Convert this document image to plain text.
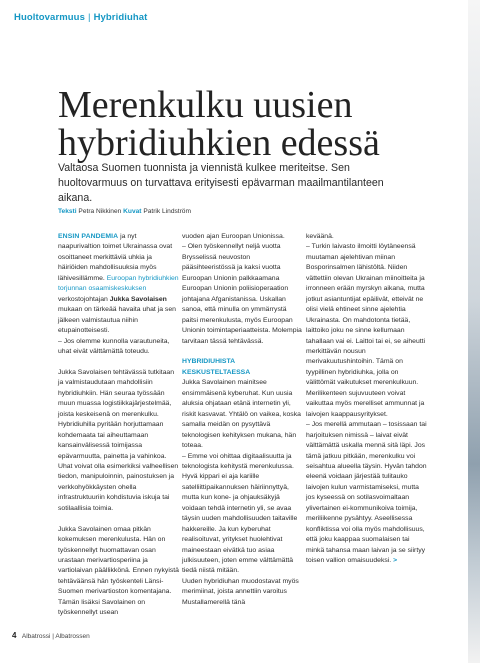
Huoltovarmuus | Hybridiuhat
Merenkulku uusien
hybridiuhkien edessä

Valtaosa Suomen tuonnista ja viennistä kulkee meriteitse. Sen huoltovarmuus on turvattava erityisesti epävarman maailmantilanteen aikana.

Teksti Petra Nikkinen Kuvat Patrik Lindström

ENSIN PANDEMIA ja nyt naapurivaltion toimet Ukrainassa ovat osoittaneet merkittäviä uhkia ja häiriöiden mahdollisuuksia myös lähivesillämme. Euroopan hybridiuhkien torjunnan osaamiskeskuksen verkostojohtajan Jukka Savolaisen mukaan on tärkeää havaita uhat ja sen jälkeen valmistautua niihin etupainotteisesti.

– Jos olemme kunnolla varautuneita, uhat eivät välttämättä toteudu.

Jukka Savolaisen tehtävässä tutkitaan ja valmistaudutaan mahdollisiin hybridiuhkiin. Hän seuraa työssään muun muassa logistiikkajärjestelmää, joista keskeisenä on merenkulku. Hybridiuhilla pyritään horjuttamaan kohdemaata tai aiheuttamaan kansainvälisessä toimijassa epävarmuutta, painetta ja vahinkoa. Uhat voivat olla esimerkiksi valheellisen tiedon, manipuloinnin, painostuksen ja verkkohyökkäysten ohella infrastruktuuriin kohdistuvia iskuja tai sotilaallisia toimia.

Jukka Savolainen omaa pitkän kokemuksen merenkulusta. Hän on työskennellyt huomattavan osan urastaan merivartiosperiina ja vartiolaivan päällikkönä. Ennen nykyistä tehtäväänsä hän työskenteli Länsi-Suomen merivartioston komentajana. Tämän lisäksi Savolainen on työskennellyt usean

vuoden ajan Euroopan Unionissa.

– Olen työskennellyt neljä vuotta Brysselissä neuvoston pääsihteeristössä ja kaksi vuotta Euroopan Unionin palkkaamana Euroopan Unionin poliisioperaation johtajana Afganistanissa. Uskallan sanoa, että minulla on ymmärrystä paitsi merenkulusta, myös Euroopan Unionin toimintaperiaatteista. Molempia tarvitaan tässä tehtävässä.

HYBRIDIUHISTA KESKUSTELTAESSA

Jukka Savolainen mainitsee ensimmäisenä kyberuhat. Kun uusia aluksia ohjataan etänä internetin yli, riskit kasvavat. Yhtälö on vaikea, koska samalla meidän on pysyttävä teknologisen kehityksen mukana, hän toteaa.

– Emme voi ohittaa digitaalisuutta ja teknologista kehitystä merenkulussa. Hyvä kippari ei aja kariille satelliittipaikannuksen häiriinnyttyä, mutta kun kone- ja ohjauksäkyjä voidaan tehdä internetin yli, se avaa täysin uuden mahdollisuuden taitaville hakkereille. Ja kun kyberuhat realisoituvat, yritykset huolehtivat maineestaan eivätkä tuo asiaa julkisuuteen, joten emme välttämättä tiedä niistä mitään.

Uuden hybridiuhan muodostavat myös merimiinat, joista annettiin varoitus Mustallamerellä tänä

keväänä.

– Turkin laivasto ilmoitti löytäneensä muutaman ajelehtivan miinan Bosporinsalmen lähistöltä. Niiden vättettiin olevan Ukrainan miinoitteita ja irronneen erään myrskyn aikana, mutta jotkut asiantuntijat epäilivät, etteivät ne olisi vielä ehtineet sinne ajelehtia Ukrainasta. On mahdotonta tietää, laittoiko joku ne sinne kellumaan tahallaan vai ei. Laittoi tai ei, se aiheutti merkittävän nousun merivakuutushintoihin. Tämä on tyypillinen hybridiuhka, jolla on välittömät vaikutukset merenkulkuun.

Merilikenteen sujuvuuteen voivat vaikuttaa myös merelliset ammunnat ja laivojen kaappausyritykset.

– Jos merellä ammutaan – tosissaan tai harjoituksen nimissä – laivat eivät välttämättä uskalla mennä sitä läpi. Jos tämä jatkuu pitkään, merenkulku voi seisahtua alueella täysin. Hyvän tahdon eleenä voidaan järjestää tulitauko laivojen kulun varmistamiseksi, mutta jos kyseessä on sotilasvoimaltaan ylivertainen ei-kommunikoiva toimija, meriliikenne pysähtyy. Aseellisessa konfliktissa voi olla myös mahdollisuus, että joku kaappaa suomalaisen tai minkä tahansa maan laivan ja se siirtyy toisen vallion omaisuudeksi. >

4 Albatrossi | Albatrossen
